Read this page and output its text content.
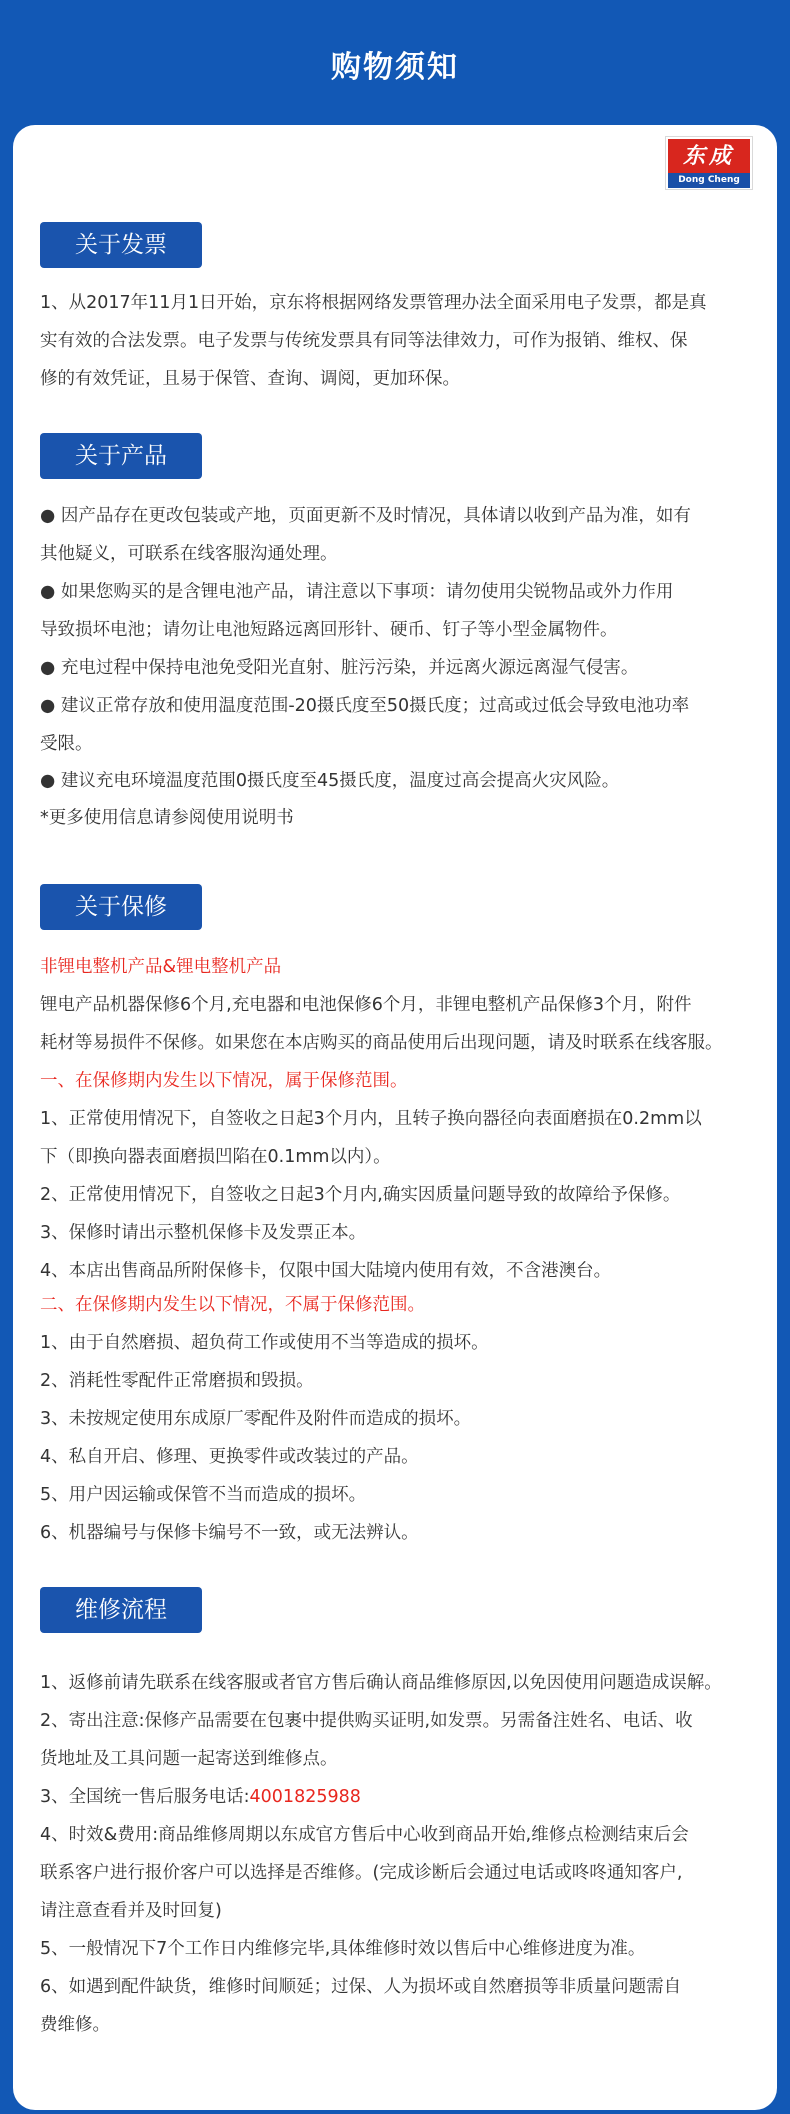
购物须知
东成
Dong Cheng
关于发票
1、从2017年11月1日开始，京东将根据网络发票管理办法全面采用电子发票，都是真
实有效的合法发票。电子发票与传统发票具有同等法律效力，可作为报销、维权、保
修的有效凭证，且易于保管、查询、调阅，更加环保。
关于产品
● 因产品存在更改包装或产地，页面更新不及时情况，具体请以收到产品为准，如有
其他疑义，可联系在线客服沟通处理。
● 如果您购买的是含锂电池产品，请注意以下事项：请勿使用尖锐物品或外力作用
导致损坏电池；请勿让电池短路远离回形针、硬币、钉子等小型金属物件。
● 充电过程中保持电池免受阳光直射、脏污污染，并远离火源远离湿气侵害。
● 建议正常存放和使用温度范围-20摄氏度至50摄氏度；过高或过低会导致电池功率
受限。
● 建议充电环境温度范围0摄氏度至45摄氏度，温度过高会提高火灾风险。
*更多使用信息请参阅使用说明书
关于保修
非锂电整机产品&锂电整机产品
锂电产品机器保修6个月,充电器和电池保修6个月，非锂电整机产品保修3个月，附件
耗材等易损件不保修。如果您在本店购买的商品使用后出现问题，请及时联系在线客服。
一、在保修期内发生以下情况，属于保修范围。
1、正常使用情况下，自签收之日起3个月内，且转子换向器径向表面磨损在0.2mm以
下（即换向器表面磨损凹陷在0.1mm以内）。
2、正常使用情况下，自签收之日起3个月内,确实因质量问题导致的故障给予保修。
3、保修时请出示整机保修卡及发票正本。
4、本店出售商品所附保修卡，仅限中国大陆境内使用有效，不含港澳台。
二、在保修期内发生以下情况，不属于保修范围。
1、由于自然磨损、超负荷工作或使用不当等造成的损坏。
2、消耗性零配件正常磨损和毁损。
3、未按规定使用东成原厂零配件及附件而造成的损坏。
4、私自开启、修理、更换零件或改装过的产品。
5、用户因运输或保管不当而造成的损坏。
6、机器编号与保修卡编号不一致，或无法辨认。
维修流程
1、返修前请先联系在线客服或者官方售后确认商品维修原因,以免因使用问题造成误解。
2、寄出注意:保修产品需要在包裹中提供购买证明,如发票。另需备注姓名、电话、收
货地址及工具问题一起寄送到维修点。
3、全国统一售后服务电话:4001825988
4、时效&费用:商品维修周期以东成官方售后中心收到商品开始,维修点检测结束后会
联系客户进行报价客户可以选择是否维修。(完成诊断后会通过电话或咚咚通知客户,
请注意查看并及时回复)
5、一般情况下7个工作日内维修完毕,具体维修时效以售后中心维修进度为准。
6、如遇到配件缺货，维修时间顺延；过保、人为损坏或自然磨损等非质量问题需自
费维修。
